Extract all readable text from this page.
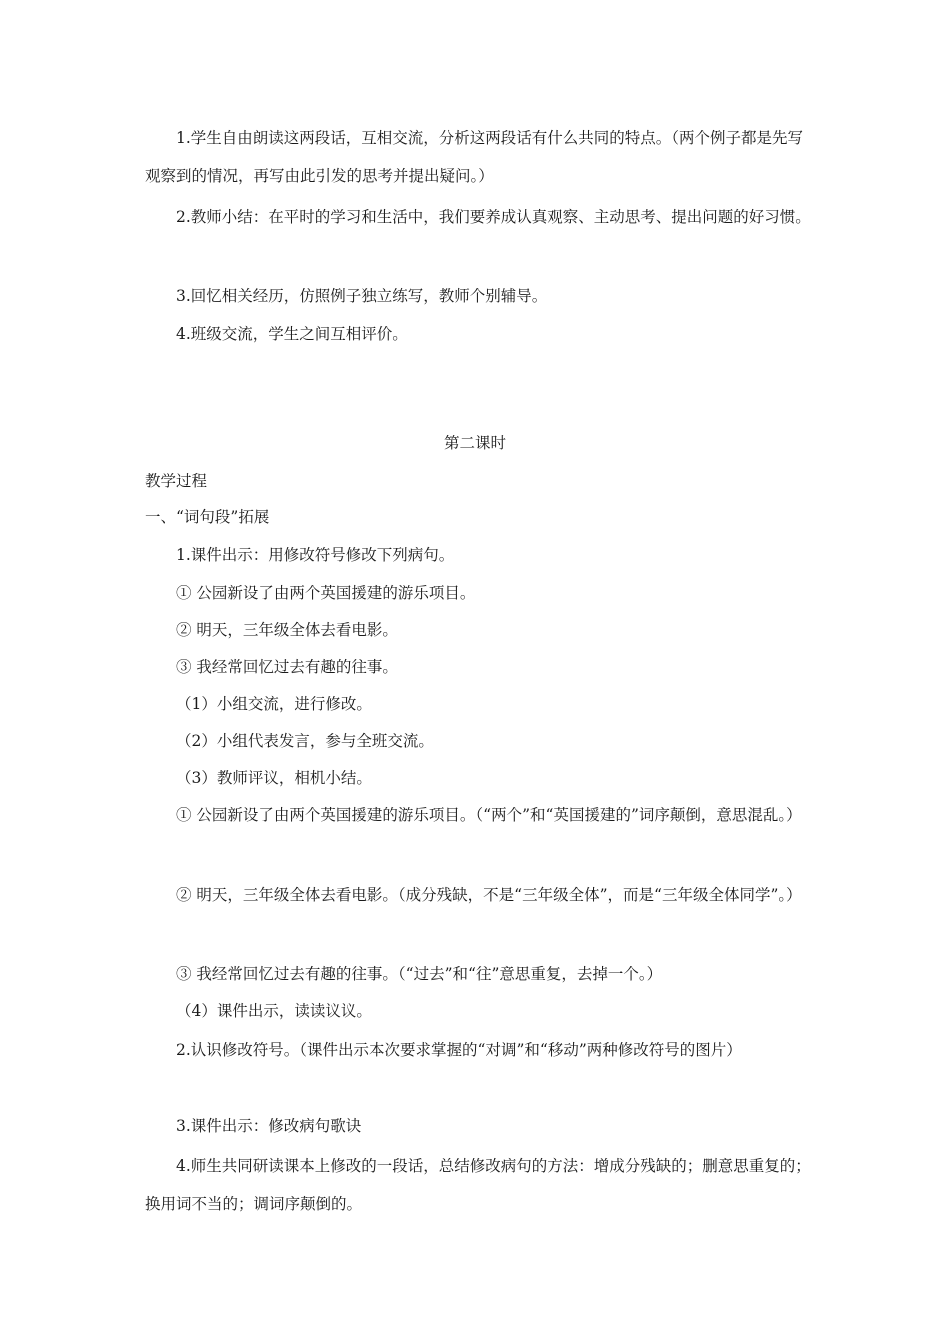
1.学生自由朗读这两段话，互相交流，分析这两段话有什么共同的特点。（两个例子都是先写观察到的情况，再写由此引发的思考并提出疑问。）

2.教师小结：在平时的学习和生活中，我们要养成认真观察、主动思考、提出问题的好习惯。

3.回忆相关经历，仿照例子独立练写，教师个别辅导。

4.班级交流，学生之间互相评价。

第二课时

教学过程

一、“词句段”拓展

1.课件出示：用修改符号修改下列病句。

① 公园新设了由两个英国援建的游乐项目。

② 明天，三年级全体去看电影。

③ 我经常回忆过去有趣的往事。

（1）小组交流，进行修改。

（2）小组代表发言，参与全班交流。

（3）教师评议，相机小结。

① 公园新设了由两个英国援建的游乐项目。（“两个”和“英国援建的”词序颠倒，意思混乱。）

② 明天，三年级全体去看电影。（成分残缺，不是“三年级全体”，而是“三年级全体同学”。）

③ 我经常回忆过去有趣的往事。（“过去”和“往”意思重复，去掉一个。）

（4）课件出示，读读议议。

2.认识修改符号。（课件出示本次要求掌握的“对调”和“移动”两种修改符号的图片）

3.课件出示：修改病句歌诀

4.师生共同研读课本上修改的一段话，总结修改病句的方法：增成分残缺的；删意思重复的；换用词不当的；调词序颠倒的。
